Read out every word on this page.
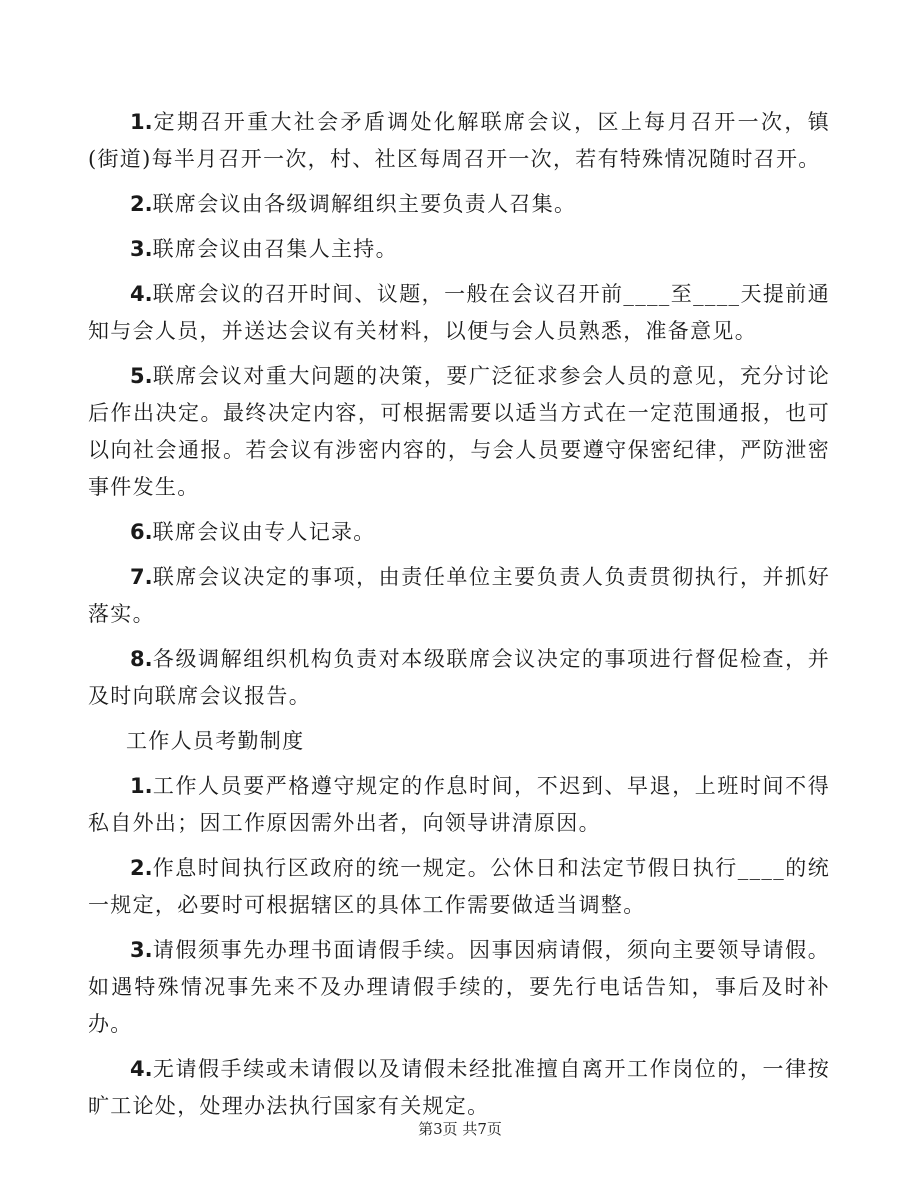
1.定期召开重大社会矛盾调处化解联席会议，区上每月召开一次，镇(街道)每半月召开一次，村、社区每周召开一次，若有特殊情况随时召开。

2.联席会议由各级调解组织主要负责人召集。

3.联席会议由召集人主持。

4.联席会议的召开时间、议题，一般在会议召开前____至____天提前通知与会人员，并送达会议有关材料，以便与会人员熟悉，准备意见。

5.联席会议对重大问题的决策，要广泛征求参会人员的意见，充分讨论后作出决定。最终决定内容，可根据需要以适当方式在一定范围通报，也可以向社会通报。若会议有涉密内容的，与会人员要遵守保密纪律，严防泄密事件发生。

6.联席会议由专人记录。

7.联席会议决定的事项，由责任单位主要负责人负责贯彻执行，并抓好落实。

8.各级调解组织机构负责对本级联席会议决定的事项进行督促检查，并及时向联席会议报告。

工作人员考勤制度

1.工作人员要严格遵守规定的作息时间，不迟到、早退，上班时间不得私自外出；因工作原因需外出者，向领导讲清原因。

2.作息时间执行区政府的统一规定。公休日和法定节假日执行____的统一规定，必要时可根据辖区的具体工作需要做适当调整。

3.请假须事先办理书面请假手续。因事因病请假，须向主要领导请假。如遇特殊情况事先来不及办理请假手续的，要先行电话告知，事后及时补办。

4.无请假手续或未请假以及请假未经批准擅自离开工作岗位的，一律按旷工论处，处理办法执行国家有关规定。

第3页 共7页
